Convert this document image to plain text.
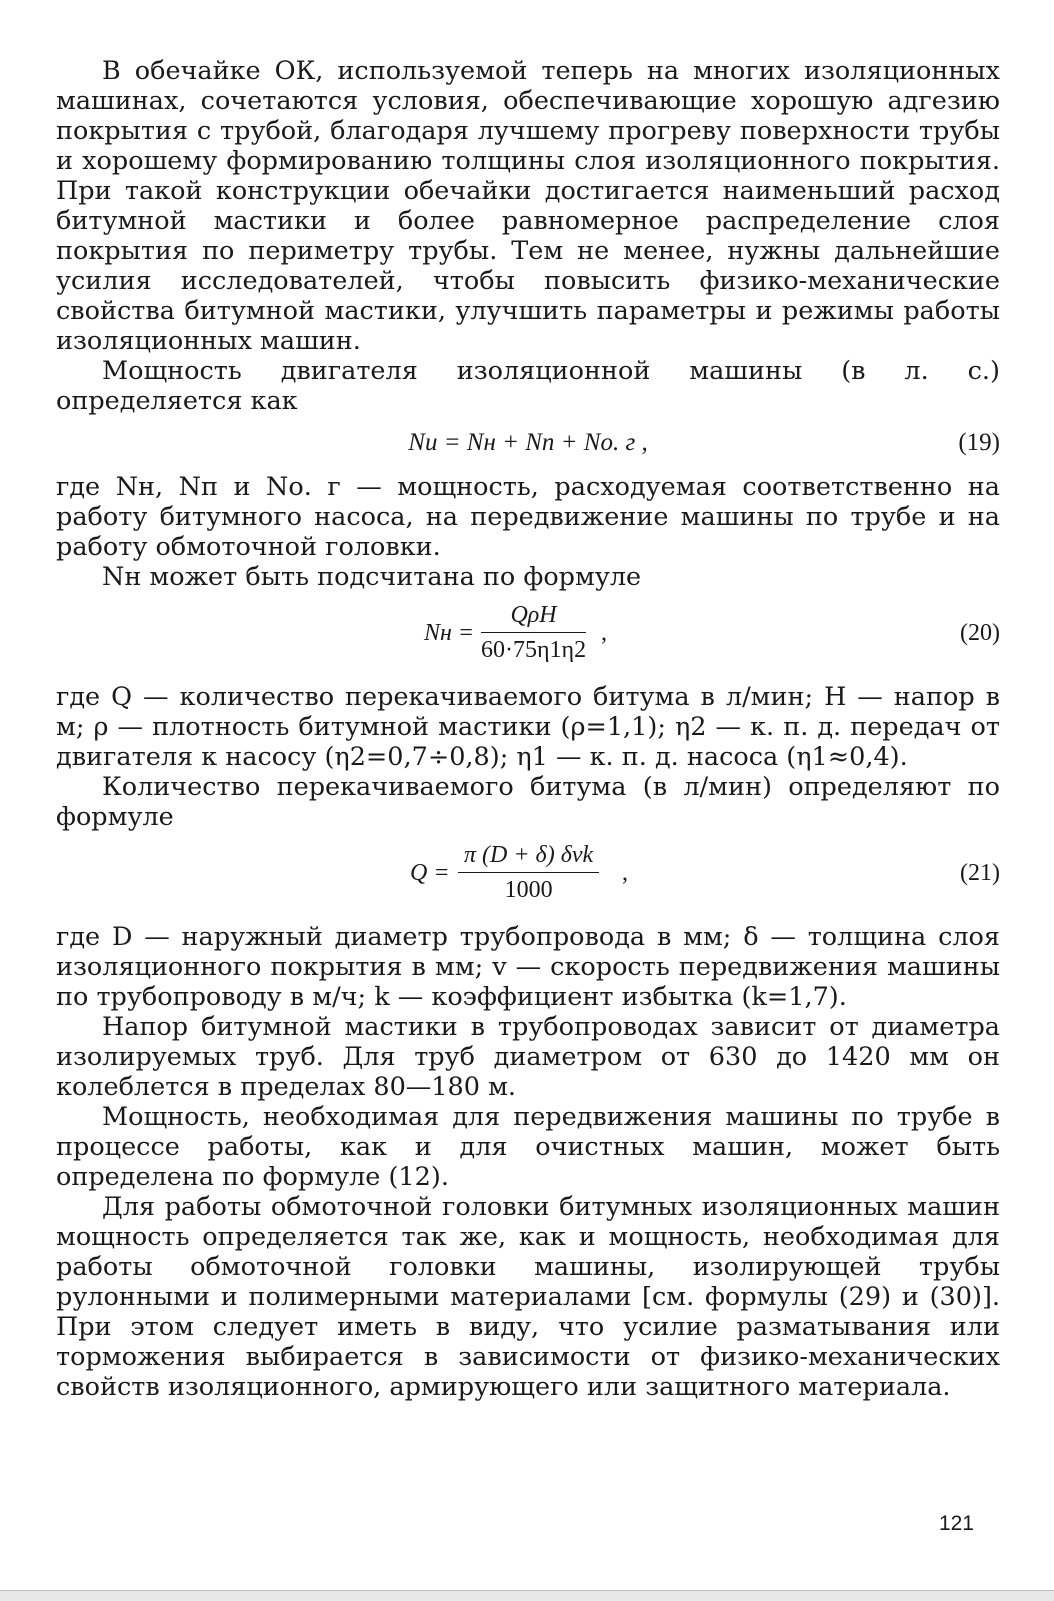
В обечайке ОК, используемой теперь на многих изоляционных машинах, сочетаются условия, обеспечивающие хорошую адгезию покрытия с трубой, благодаря лучшему прогреву поверхности трубы и хорошему формированию толщины слоя изоляционного покрытия. При такой конструкции обечайки достигается наименьший расход битумной мастики и более равномерное распределение слоя покрытия по периметру трубы. Тем не менее, нужны дальнейшие усилия исследователей, чтобы повысить физико-механические свойства битумной мастики, улучшить параметры и режимы работы изоляционных машин.

Мощность двигателя изоляционной машины (в л. с.) определяется как

Nи = Nн + Nп + Nо. г ,	(19)

где Nн, Nп и Nо. г — мощность, расходуемая соответственно на работу битумного насоса, на передвижение машины по трубе и на работу обмоточной головки.

Nн может быть подсчитана по формуле

Nн =
QρH
60·75η1η2
,	(20)

где Q — количество перекачиваемого битума в л/мин; H — напор в м; ρ — плотность битумной мастики (ρ=1,1); η2 — к. п. д. передач от двигателя к насосу (η2=0,7÷0,8); η1 — к. п. д. насоса (η1≈0,4).

Количество перекачиваемого битума (в л/мин) определяют по формуле

Q =
π (D + δ) δvk
1000
,	(21)

где D — наружный диаметр трубопровода в мм; δ — толщина слоя изоляционного покрытия в мм; v — скорость передвижения машины по трубопроводу в м/ч; k — коэффициент избытка (k=1,7).

Напор битумной мастики в трубопроводах зависит от диаметра изолируемых труб. Для труб диаметром от 630 до 1420 мм он колеблется в пределах 80—180 м.

Мощность, необходимая для передвижения машины по трубе в процессе работы, как и для очистных машин, может быть определена по формуле (12).

Для работы обмоточной головки битумных изоляционных машин мощность определяется так же, как и мощность, необходимая для работы обмоточной головки машины, изолирующей трубы рулонными и полимерными материалами [см. формулы (29) и (30)]. При этом следует иметь в виду, что усилие разматывания или торможения выбирается в зависимости от физико-механических свойств изоляционного, армирующего или защитного материала.

121
